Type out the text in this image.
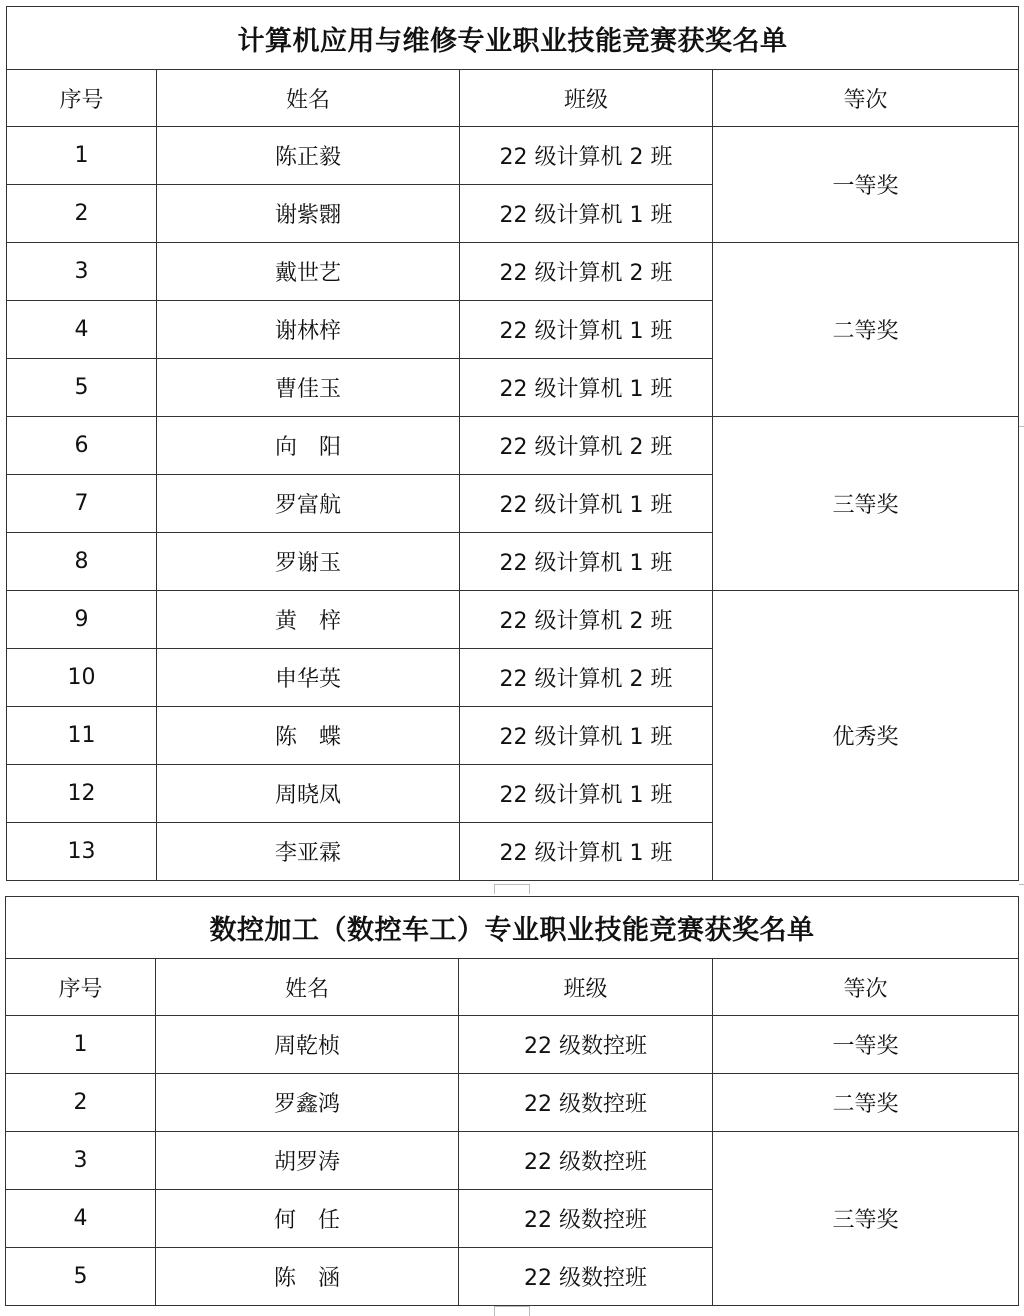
计算机应用与维修专业职业技能竞赛获奖名单			
序号	姓名	班级	等次
1	陈正毅	22 级计算机 2 班	一等奖
2	谢紫翾	22 级计算机 1 班	
3	戴世艺	22 级计算机 2 班	二等奖
4	谢林梓	22 级计算机 1 班	
5	曹佳玉	22 级计算机 1 班	
6	向　阳	22 级计算机 2 班	三等奖
7	罗富航	22 级计算机 1 班	
8	罗谢玉	22 级计算机 1 班	
9	黄　梓	22 级计算机 2 班	优秀奖
10	申华英	22 级计算机 2 班	
11	陈　蝶	22 级计算机 1 班	
12	周晓凤	22 级计算机 1 班	
13	李亚霖	22 级计算机 1 班	
数控加工（数控车工）专业职业技能竞赛获奖名单			
序号	姓名	班级	等次
1	周乾桢	22 级数控班	一等奖
2	罗鑫鸿	22 级数控班	二等奖
3	胡罗涛	22 级数控班	三等奖
4	何　任	22 级数控班	
5	陈　涵	22 级数控班	
